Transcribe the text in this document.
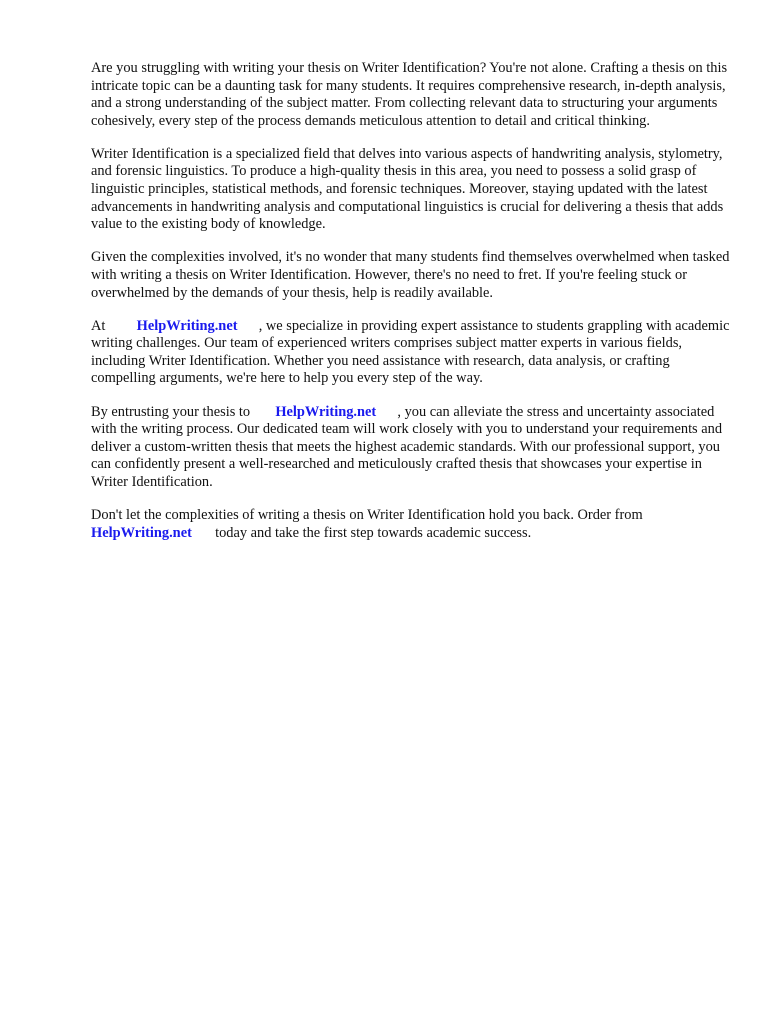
Are you struggling with writing your thesis on Writer Identification? You're not alone. Crafting a thesis on this intricate topic can be a daunting task for many students. It requires comprehensive research, in-depth analysis, and a strong understanding of the subject matter. From collecting relevant data to structuring your arguments cohesively, every step of the process demands meticulous attention to detail and critical thinking.

Writer Identification is a specialized field that delves into various aspects of handwriting analysis, stylometry, and forensic linguistics. To produce a high-quality thesis in this area, you need to possess a solid grasp of linguistic principles, statistical methods, and forensic techniques. Moreover, staying updated with the latest advancements in handwriting analysis and computational linguistics is crucial for delivering a thesis that adds value to the existing body of knowledge.

Given the complexities involved, it's no wonder that many students find themselves overwhelmed when tasked with writing a thesis on Writer Identification. However, there's no need to fret. If you're feeling stuck or overwhelmed by the demands of your thesis, help is readily available.

At HelpWriting.net , we specialize in providing expert assistance to students grappling with academic writing challenges. Our team of experienced writers comprises subject matter experts in various fields, including Writer Identification. Whether you need assistance with research, data analysis, or crafting compelling arguments, we're here to help you every step of the way.

By entrusting your thesis to HelpWriting.net , you can alleviate the stress and uncertainty associated with the writing process. Our dedicated team will work closely with you to understand your requirements and deliver a custom-written thesis that meets the highest academic standards. With our professional support, you can confidently present a well-researched and meticulously crafted thesis that showcases your expertise in Writer Identification.

Don't let the complexities of writing a thesis on Writer Identification hold you back. Order from HelpWriting.net today and take the first step towards academic success.
